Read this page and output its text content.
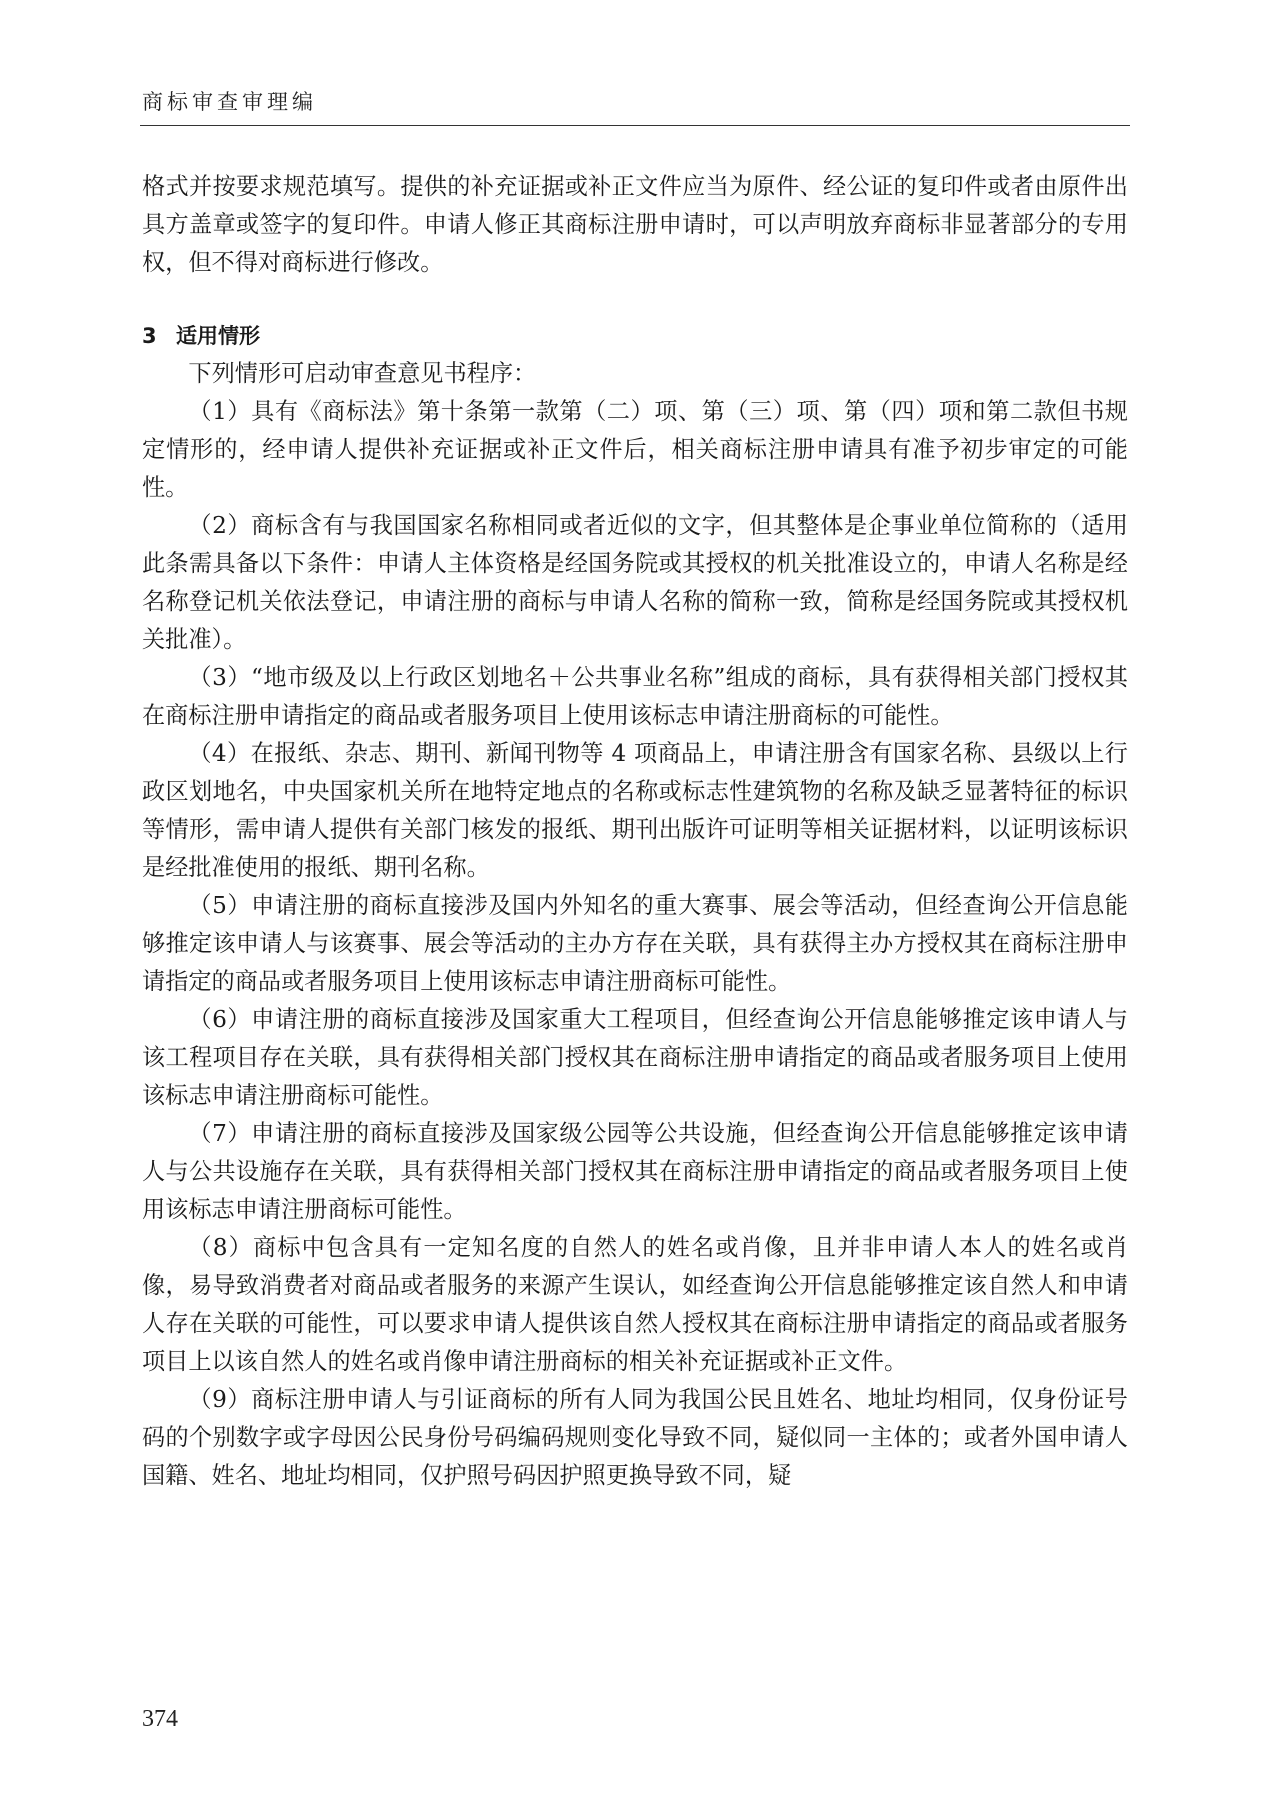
商标审查审理编

格式并按要求规范填写。提供的补充证据或补正文件应当为原件、经公证的复印件或者由原件出具方盖章或签字的复印件。申请人修正其商标注册申请时，可以声明放弃商标非显著部分的专用权，但不得对商标进行修改。

3 适用情形

下列情形可启动审查意见书程序：

（1）具有《商标法》第十条第一款第（二）项、第（三）项、第（四）项和第二款但书规定情形的，经申请人提供补充证据或补正文件后，相关商标注册申请具有准予初步审定的可能性。

（2）商标含有与我国国家名称相同或者近似的文字，但其整体是企事业单位简称的（适用此条需具备以下条件：申请人主体资格是经国务院或其授权的机关批准设立的，申请人名称是经名称登记机关依法登记，申请注册的商标与申请人名称的简称一致，简称是经国务院或其授权机关批准）。

（3）“地市级及以上行政区划地名＋公共事业名称”组成的商标，具有获得相关部门授权其在商标注册申请指定的商品或者服务项目上使用该标志申请注册商标的可能性。

（4）在报纸、杂志、期刊、新闻刊物等 4 项商品上，申请注册含有国家名称、县级以上行政区划地名，中央国家机关所在地特定地点的名称或标志性建筑物的名称及缺乏显著特征的标识等情形，需申请人提供有关部门核发的报纸、期刊出版许可证明等相关证据材料，以证明该标识是经批准使用的报纸、期刊名称。

（5）申请注册的商标直接涉及国内外知名的重大赛事、展会等活动，但经查询公开信息能够推定该申请人与该赛事、展会等活动的主办方存在关联，具有获得主办方授权其在商标注册申请指定的商品或者服务项目上使用该标志申请注册商标可能性。

（6）申请注册的商标直接涉及国家重大工程项目，但经查询公开信息能够推定该申请人与该工程项目存在关联，具有获得相关部门授权其在商标注册申请指定的商品或者服务项目上使用该标志申请注册商标可能性。

（7）申请注册的商标直接涉及国家级公园等公共设施，但经查询公开信息能够推定该申请人与公共设施存在关联，具有获得相关部门授权其在商标注册申请指定的商品或者服务项目上使用该标志申请注册商标可能性。

（8）商标中包含具有一定知名度的自然人的姓名或肖像，且并非申请人本人的姓名或肖像，易导致消费者对商品或者服务的来源产生误认，如经查询公开信息能够推定该自然人和申请人存在关联的可能性，可以要求申请人提供该自然人授权其在商标注册申请指定的商品或者服务项目上以该自然人的姓名或肖像申请注册商标的相关补充证据或补正文件。

（9）商标注册申请人与引证商标的所有人同为我国公民且姓名、地址均相同，仅身份证号码的个别数字或字母因公民身份号码编码规则变化导致不同，疑似同一主体的；或者外国申请人国籍、姓名、地址均相同，仅护照号码因护照更换导致不同，疑

374
